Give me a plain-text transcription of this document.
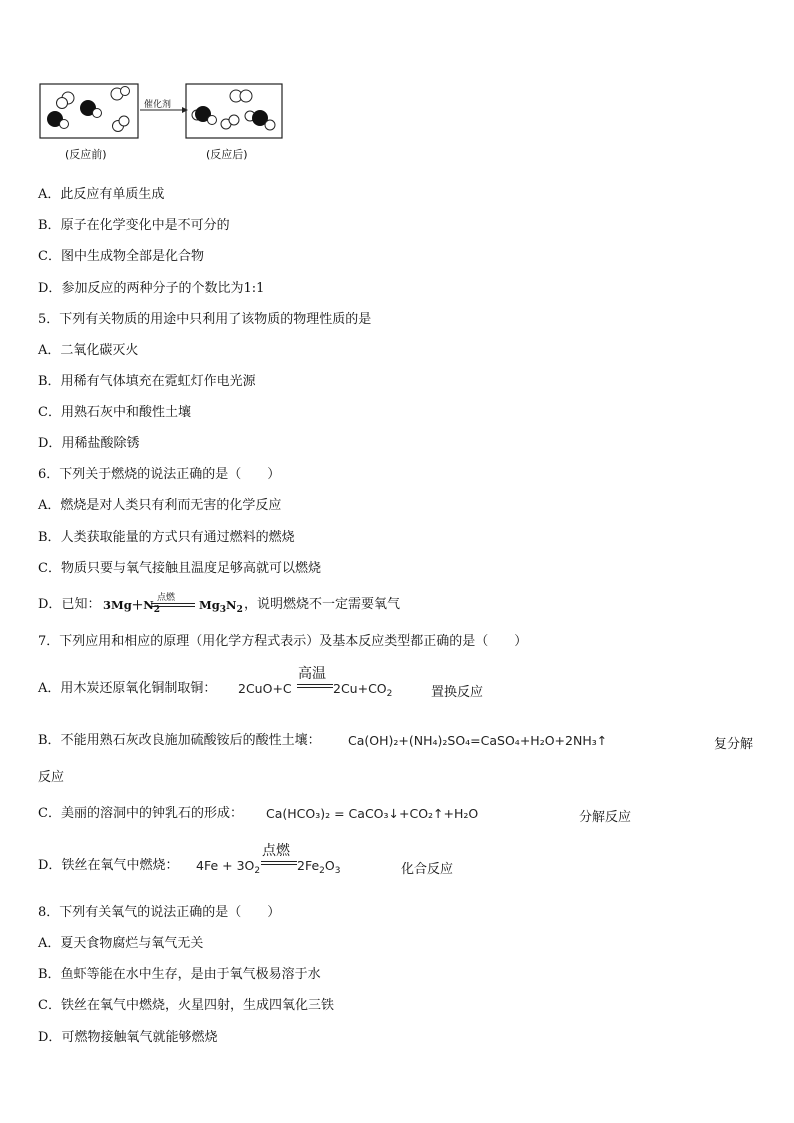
催化剂
(反应前)	(反应后)
A．此反应有单质生成
B．原子在化学变化中是不可分的
C．图中生成物全部是化合物
D．参加反应的两种分子的个数比为1:1
5．下列有关物质的用途中只利用了该物质的物理性质的是
A．二氧化碳灭火
B．用稀有气体填充在霓虹灯作电光源
C．用熟石灰中和酸性土壤
D．用稀盐酸除锈
6．下列关于燃烧的说法正确的是（　　）
A．燃烧是对人类只有利而无害的化学反应
B．人类获取能量的方式只有通过燃料的燃烧
C．物质只要与氧气接触且温度足够高就可以燃烧
D．已知： $3Mg+N_2$
点燃 $Mg_3N_2$ ，说明燃烧不一定需要氧气
7．下列应用和相应的原理（用化学方程式表示）及基本反应类型都正确的是（　　）
A．用木炭还原氧化铜制取铜： 2CuO+C
高温
$2Cu+CO_2$	置换反应
B．不能用熟石灰改良施加硫酸铵后的酸性土壤： Ca(OH)₂+(NH₄)₂SO₄=CaSO₄+H₂O+2NH₃↑	复分解
反应
C．美丽的溶洞中的钟乳石的形成： Ca(HCO₃)₂ = CaCO₃↓+CO₂↑+H₂O	分解反应
D．铁丝在氧气中燃烧： $4Fe + 3O_2$
点燃
$2Fe_2O_3$	化合反应
8．下列有关氧气的说法正确的是（　　）
A．夏天食物腐烂与氧气无关
B．鱼虾等能在水中生存，是由于氧气极易溶于水
C．铁丝在氧气中燃烧，火星四射，生成四氧化三铁
D．可燃物接触氧气就能够燃烧
